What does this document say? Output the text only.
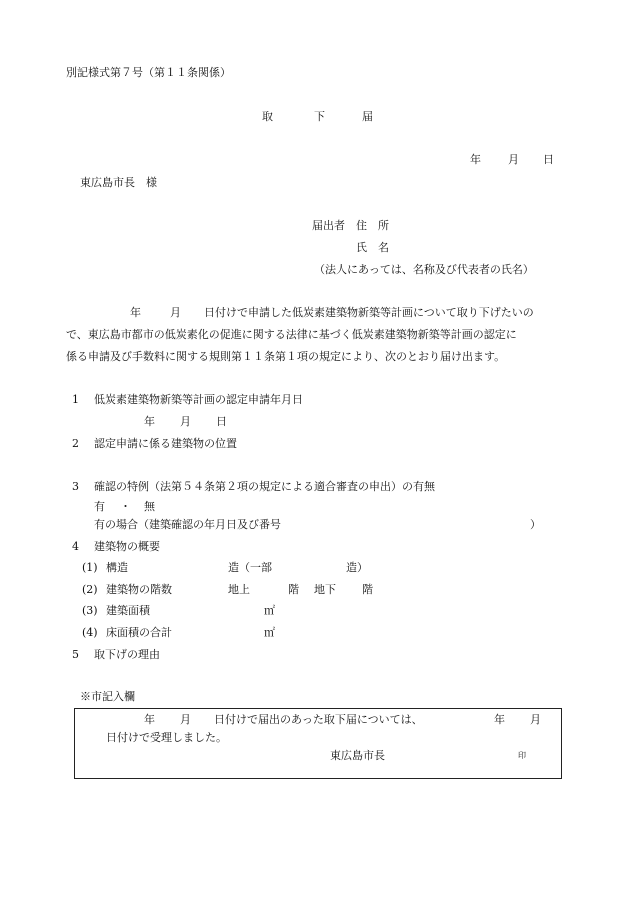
別記様式第７号（第１１条関係）
取	下	届
年 月 日
東広島市長　様
届出者 住　所
氏　名
（法人にあっては、名称及び代表者の氏名）
年	月 日付けで申請した低炭素建築物新築等計画について取り下げたいの
で、東広島市都市の低炭素化の促進に関する法律に基づく低炭素建築物新築等計画の認定に
係る申請及び手数料に関する規則第１１条第１項の規定により、次のとおり届け出ます。
1 低炭素建築物新築等計画の認定申請年月日
年 月 日
2 認定申請に係る建築物の位置
3 確認の特例（法第５４条第２項の規定による適合審査の申出）の有無
有 ・ 無
有の場合（建築確認の年月日及び番号	）
4 建築物の概要
(1) 構造	造（一部	造）
(2) 建築物の階数	地上	階 地下 階
(3) 建築面積	㎡
(4) 床面積の合計	㎡
5 取下げの理由
※市記入欄
年 月 日付けで届出のあった取下届については、	年 月
日付けで受理しました。
東広島市長	印
